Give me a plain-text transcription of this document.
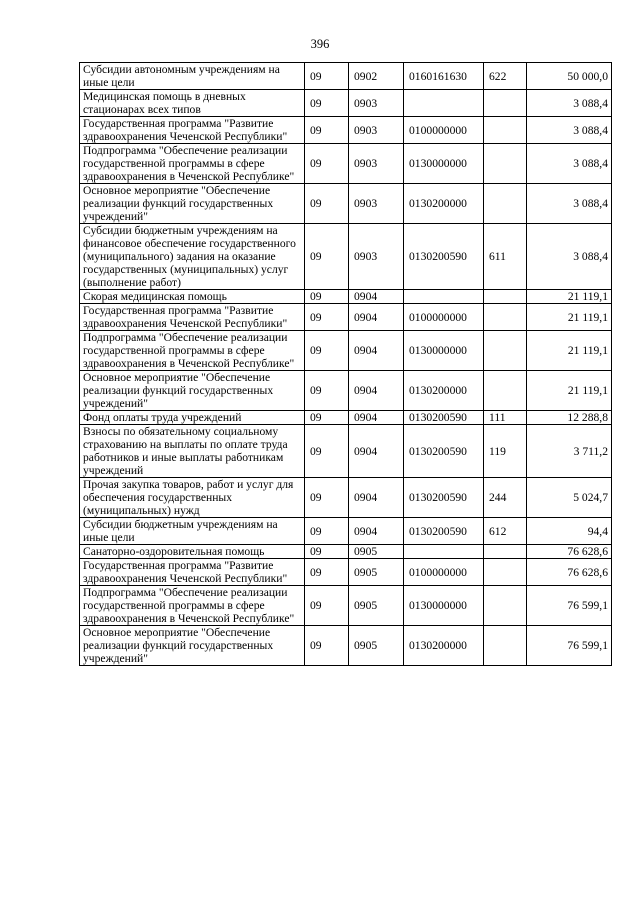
396
Субсидии автономным учреждениям на иные цели	09	0902	0160161630	622	50 000,0
Медицинская помощь в дневных стационарах всех типов	09	0903			3 088,4
Государственная программа "Развитие здравоохранения Чеченской Республики"	09	0903	0100000000		3 088,4
Подпрограмма "Обеспечение реализации государственной программы в сфере здравоохранения в Чеченской Республике"	09	0903	0130000000		3 088,4
Основное мероприятие "Обеспечение реализации функций государственных учреждений"	09	0903	0130200000		3 088,4
Субсидии бюджетным учреждениям на финансовое обеспечение государственного (муниципального) задания на оказание государственных (муниципальных) услуг (выполнение работ)	09	0903	0130200590	611	3 088,4
Скорая медицинская помощь	09	0904			21 119,1
Государственная программа "Развитие здравоохранения Чеченской Республики"	09	0904	0100000000		21 119,1
Подпрограмма "Обеспечение реализации государственной программы в сфере здравоохранения в Чеченской Республике"	09	0904	0130000000		21 119,1
Основное мероприятие "Обеспечение реализации функций государственных учреждений"	09	0904	0130200000		21 119,1
Фонд оплаты труда учреждений	09	0904	0130200590	111	12 288,8
Взносы по обязательному социальному страхованию на выплаты по оплате труда работников и иные выплаты работникам учреждений	09	0904	0130200590	119	3 711,2
Прочая закупка товаров, работ и услуг для обеспечения государственных (муниципальных) нужд	09	0904	0130200590	244	5 024,7
Субсидии бюджетным учреждениям на иные цели	09	0904	0130200590	612	94,4
Санаторно-оздоровительная помощь	09	0905			76 628,6
Государственная программа "Развитие здравоохранения Чеченской Республики"	09	0905	0100000000		76 628,6
Подпрограмма "Обеспечение реализации государственной программы в сфере здравоохранения в Чеченской Республике"	09	0905	0130000000		76 599,1
Основное мероприятие "Обеспечение реализации функций государственных учреждений"	09	0905	0130200000		76 599,1
